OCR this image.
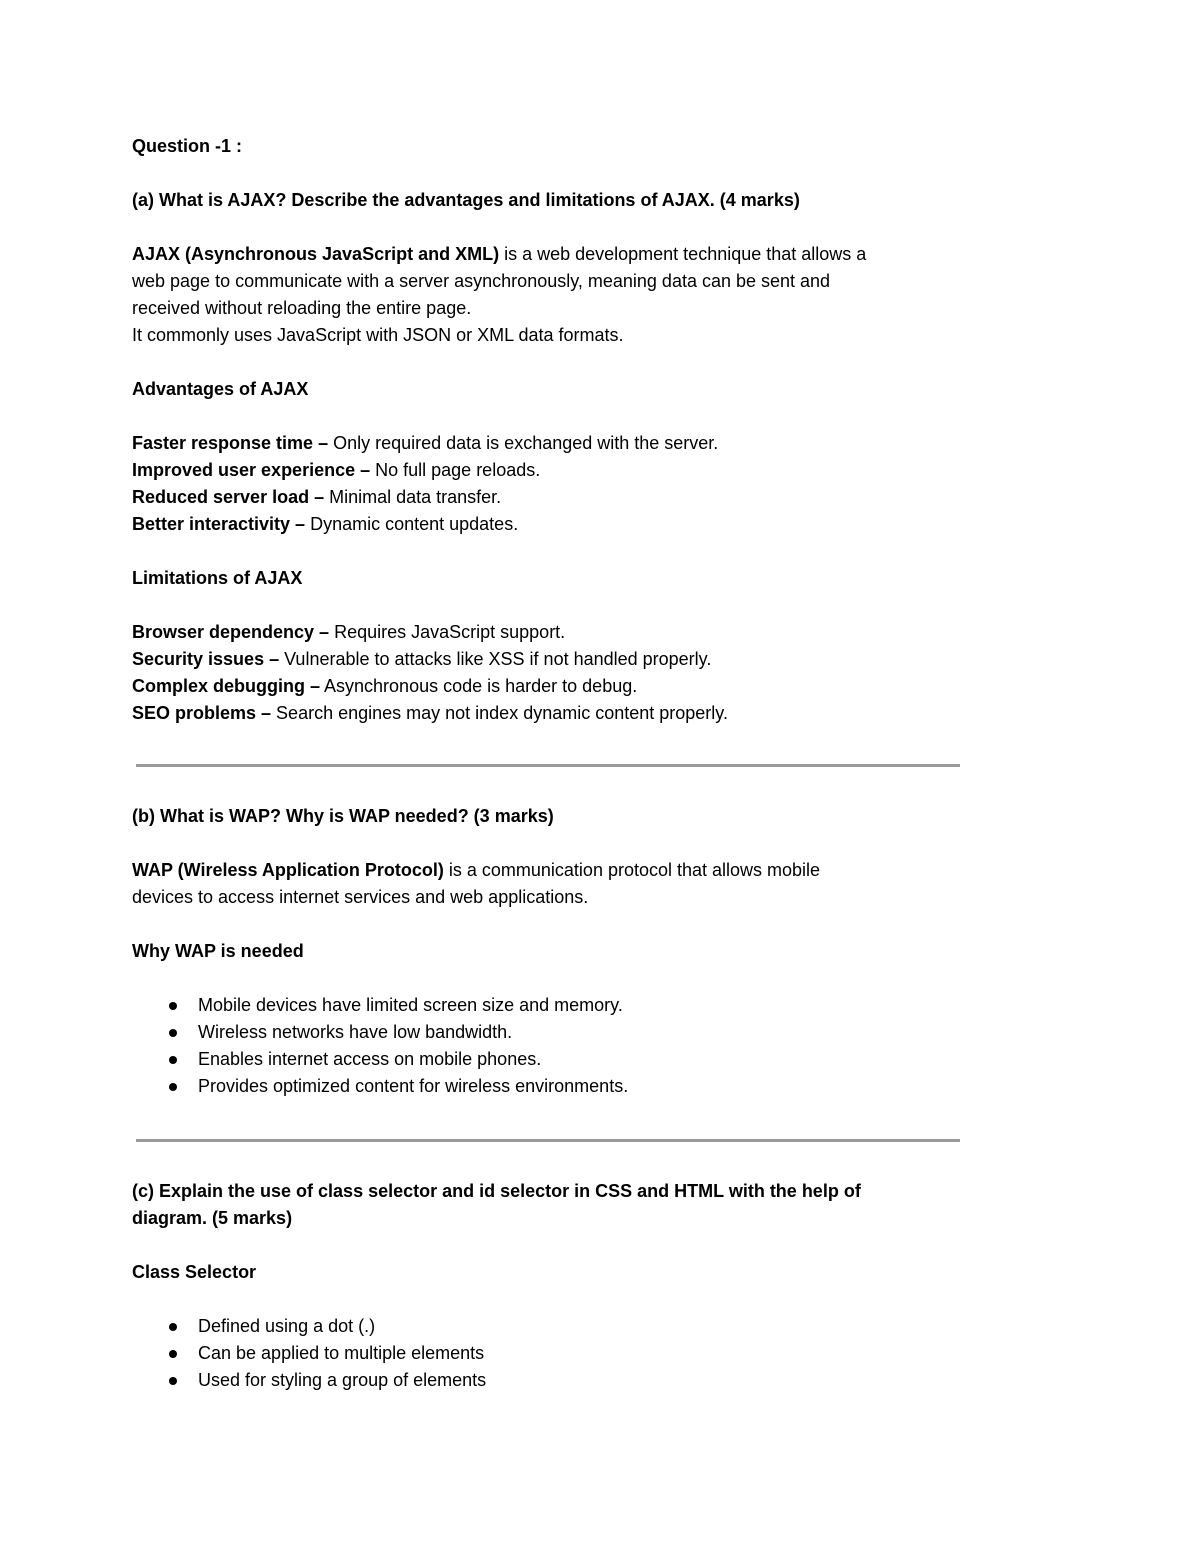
Question -1 :

(a) What is AJAX? Describe the advantages and limitations of AJAX. (4 marks)

AJAX (Asynchronous JavaScript and XML) is a web development technique that allows a

web page to communicate with a server asynchronously, meaning data can be sent and

received without reloading the entire page.

It commonly uses JavaScript with JSON or XML data formats.

Advantages of AJAX

Faster response time – Only required data is exchanged with the server.

Improved user experience – No full page reloads.

Reduced server load – Minimal data transfer.

Better interactivity – Dynamic content updates.

Limitations of AJAX

Browser dependency – Requires JavaScript support.

Security issues – Vulnerable to attacks like XSS if not handled properly.

Complex debugging – Asynchronous code is harder to debug.

SEO problems – Search engines may not index dynamic content properly.

(b) What is WAP? Why is WAP needed? (3 marks)

WAP (Wireless Application Protocol) is a communication protocol that allows mobile

devices to access internet services and web applications.

Why WAP is needed

Mobile devices have limited screen size and memory.
Wireless networks have low bandwidth.
Enables internet access on mobile phones.
Provides optimized content for wireless environments.

(c) Explain the use of class selector and id selector in CSS and HTML with the help of

diagram. (5 marks)

Class Selector

Defined using a dot (.)
Can be applied to multiple elements
Used for styling a group of elements
